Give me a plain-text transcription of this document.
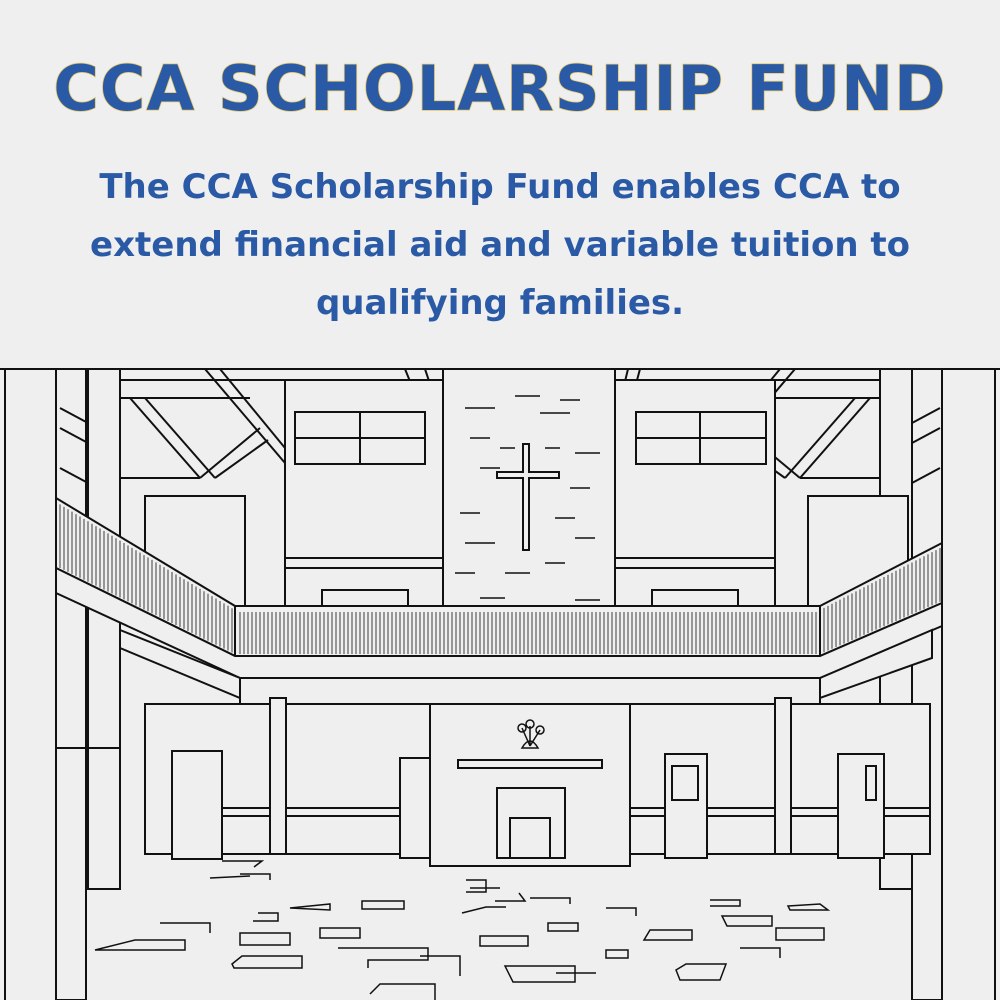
CCA SCHOLARSHIP FUND
The CCA Scholarship Fund enables CCA to extend financial aid and variable tuition to qualifying families.
